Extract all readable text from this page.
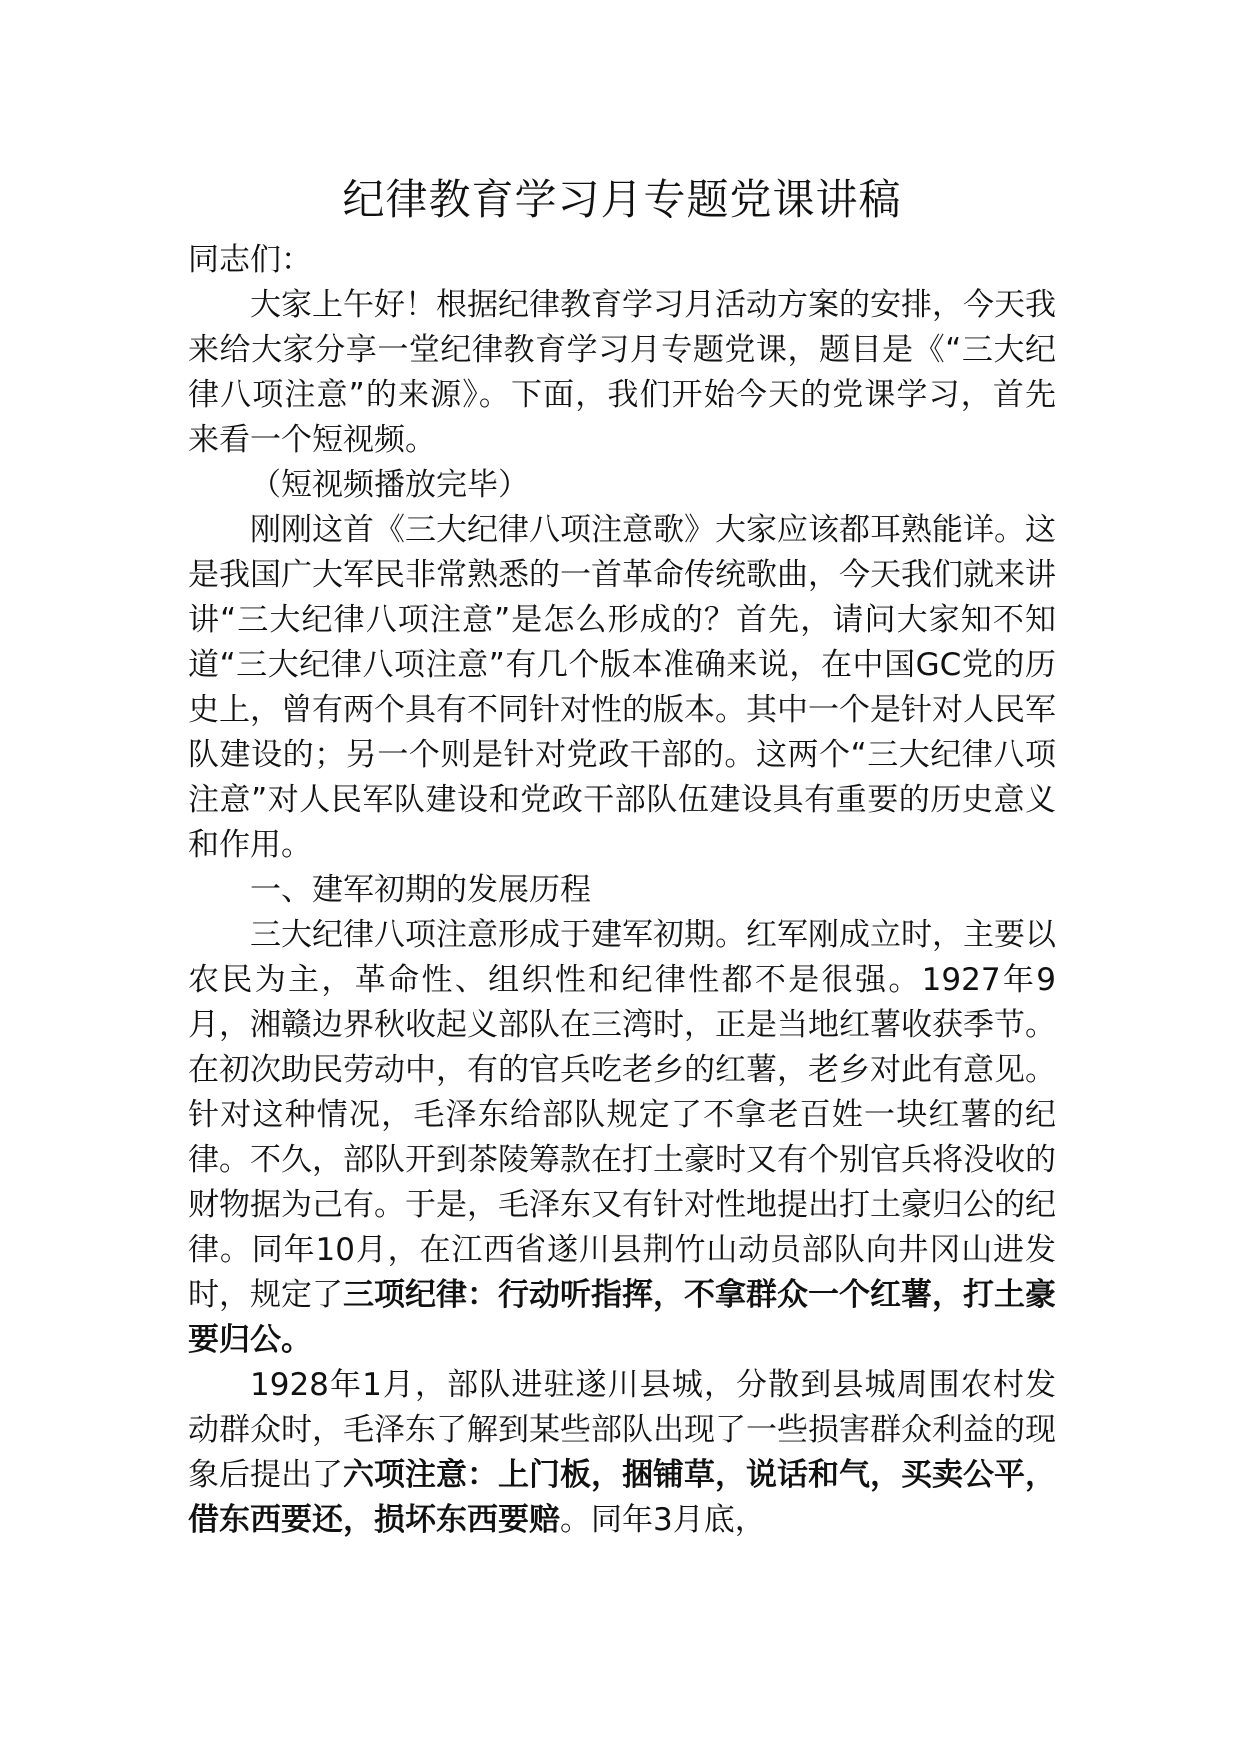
纪律教育学习月专题党课讲稿

同志们：

大家上午好！根据纪律教育学习月活动方案的安排，今天我来给大家分享一堂纪律教育学习月专题党课，题目是《“三大纪律八项注意”的来源》。下面，我们开始今天的党课学习，首先来看一个短视频。

（短视频播放完毕）

刚刚这首《三大纪律八项注意歌》大家应该都耳熟能详。这是我国广大军民非常熟悉的一首革命传统歌曲，今天我们就来讲讲“三大纪律八项注意”是怎么形成的？首先，请问大家知不知道“三大纪律八项注意”有几个版本准确来说，在中国GC党的历史上，曾有两个具有不同针对性的版本。其中一个是针对人民军队建设的；另一个则是针对党政干部的。这两个“三大纪律八项注意”对人民军队建设和党政干部队伍建设具有重要的历史意义和作用。

一、建军初期的发展历程

三大纪律八项注意形成于建军初期。红军刚成立时，主要以农民为主，革命性、组织性和纪律性都不是很强。1927年9月，湘赣边界秋收起义部队在三湾时，正是当地红薯收获季节。在初次助民劳动中，有的官兵吃老乡的红薯，老乡对此有意见。针对这种情况，毛泽东给部队规定了不拿老百姓一块红薯的纪律。不久，部队开到茶陵筹款在打土豪时又有个别官兵将没收的财物据为己有。于是，毛泽东又有针对性地提出打土豪归公的纪律。同年10月，在江西省遂川县荆竹山动员部队向井冈山进发时，规定了三项纪律：行动听指挥，不拿群众一个红薯，打土豪要归公。

1928年1月，部队进驻遂川县城，分散到县城周围农村发动群众时，毛泽东了解到某些部队出现了一些损害群众利益的现象后提出了六项注意：上门板，捆铺草，说话和气，买卖公平，借东西要还，损坏东西要赔。同年3月底，
